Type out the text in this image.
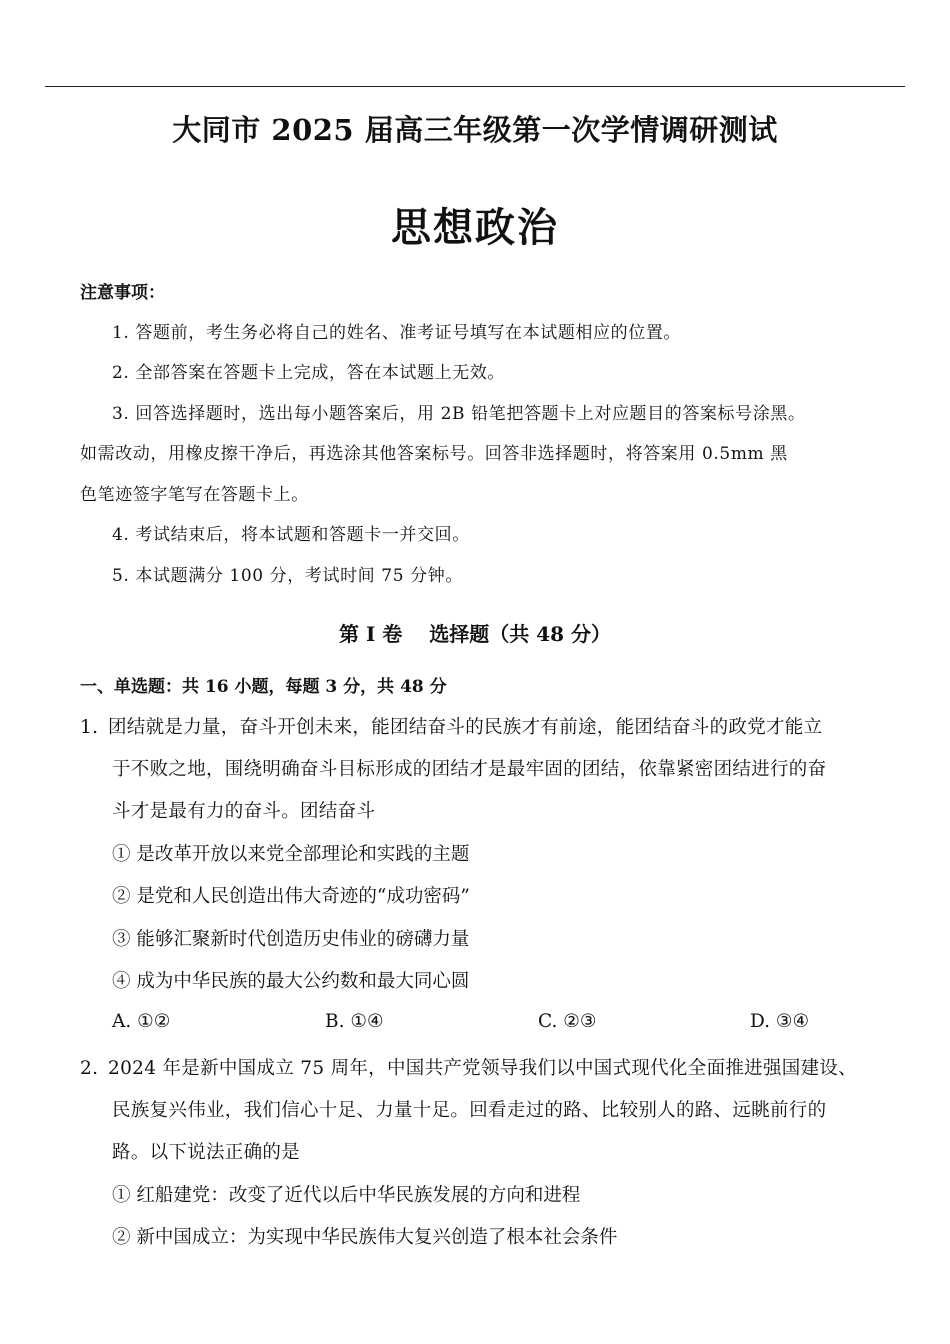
大同市 2025 届高三年级第一次学情调研测试
思想政治
注意事项：
1. 答题前，考生务必将自己的姓名、准考证号填写在本试题相应的位置。
2. 全部答案在答题卡上完成，答在本试题上无效。
3. 回答选择题时，选出每小题答案后，用 2B 铅笔把答题卡上对应题目的答案标号涂黑。
如需改动，用橡皮擦干净后，再选涂其他答案标号。回答非选择题时，将答案用 0.5mm 黑
色笔迹签字笔写在答题卡上。
4. 考试结束后，将本试题和答题卡一并交回。
5. 本试题满分 100 分，考试时间 75 分钟。
第 I 卷　 选择题（共 48 分）
一、单选题：共 16 小题，每题 3 分，共 48 分
1. 团结就是力量，奋斗开创未来，能团结奋斗的民族才有前途，能团结奋斗的政党才能立
于不败之地，围绕明确奋斗目标形成的团结才是最牢固的团结，依靠紧密团结进行的奋
斗才是最有力的奋斗。团结奋斗
① 是改革开放以来党全部理论和实践的主题
② 是党和人民创造出伟大奇迹的“成功密码”
③ 能够汇聚新时代创造历史伟业的磅礴力量
④ 成为中华民族的最大公约数和最大同心圆
A. ①②	B. ①④	C. ②③	D. ③④
2. 2024 年是新中国成立 75 周年，中国共产党领导我们以中国式现代化全面推进强国建设、
民族复兴伟业，我们信心十足、力量十足。回看走过的路、比较别人的路、远眺前行的
路。以下说法正确的是
① 红船建党：改变了近代以后中华民族发展的方向和进程
② 新中国成立：为实现中华民族伟大复兴创造了根本社会条件
